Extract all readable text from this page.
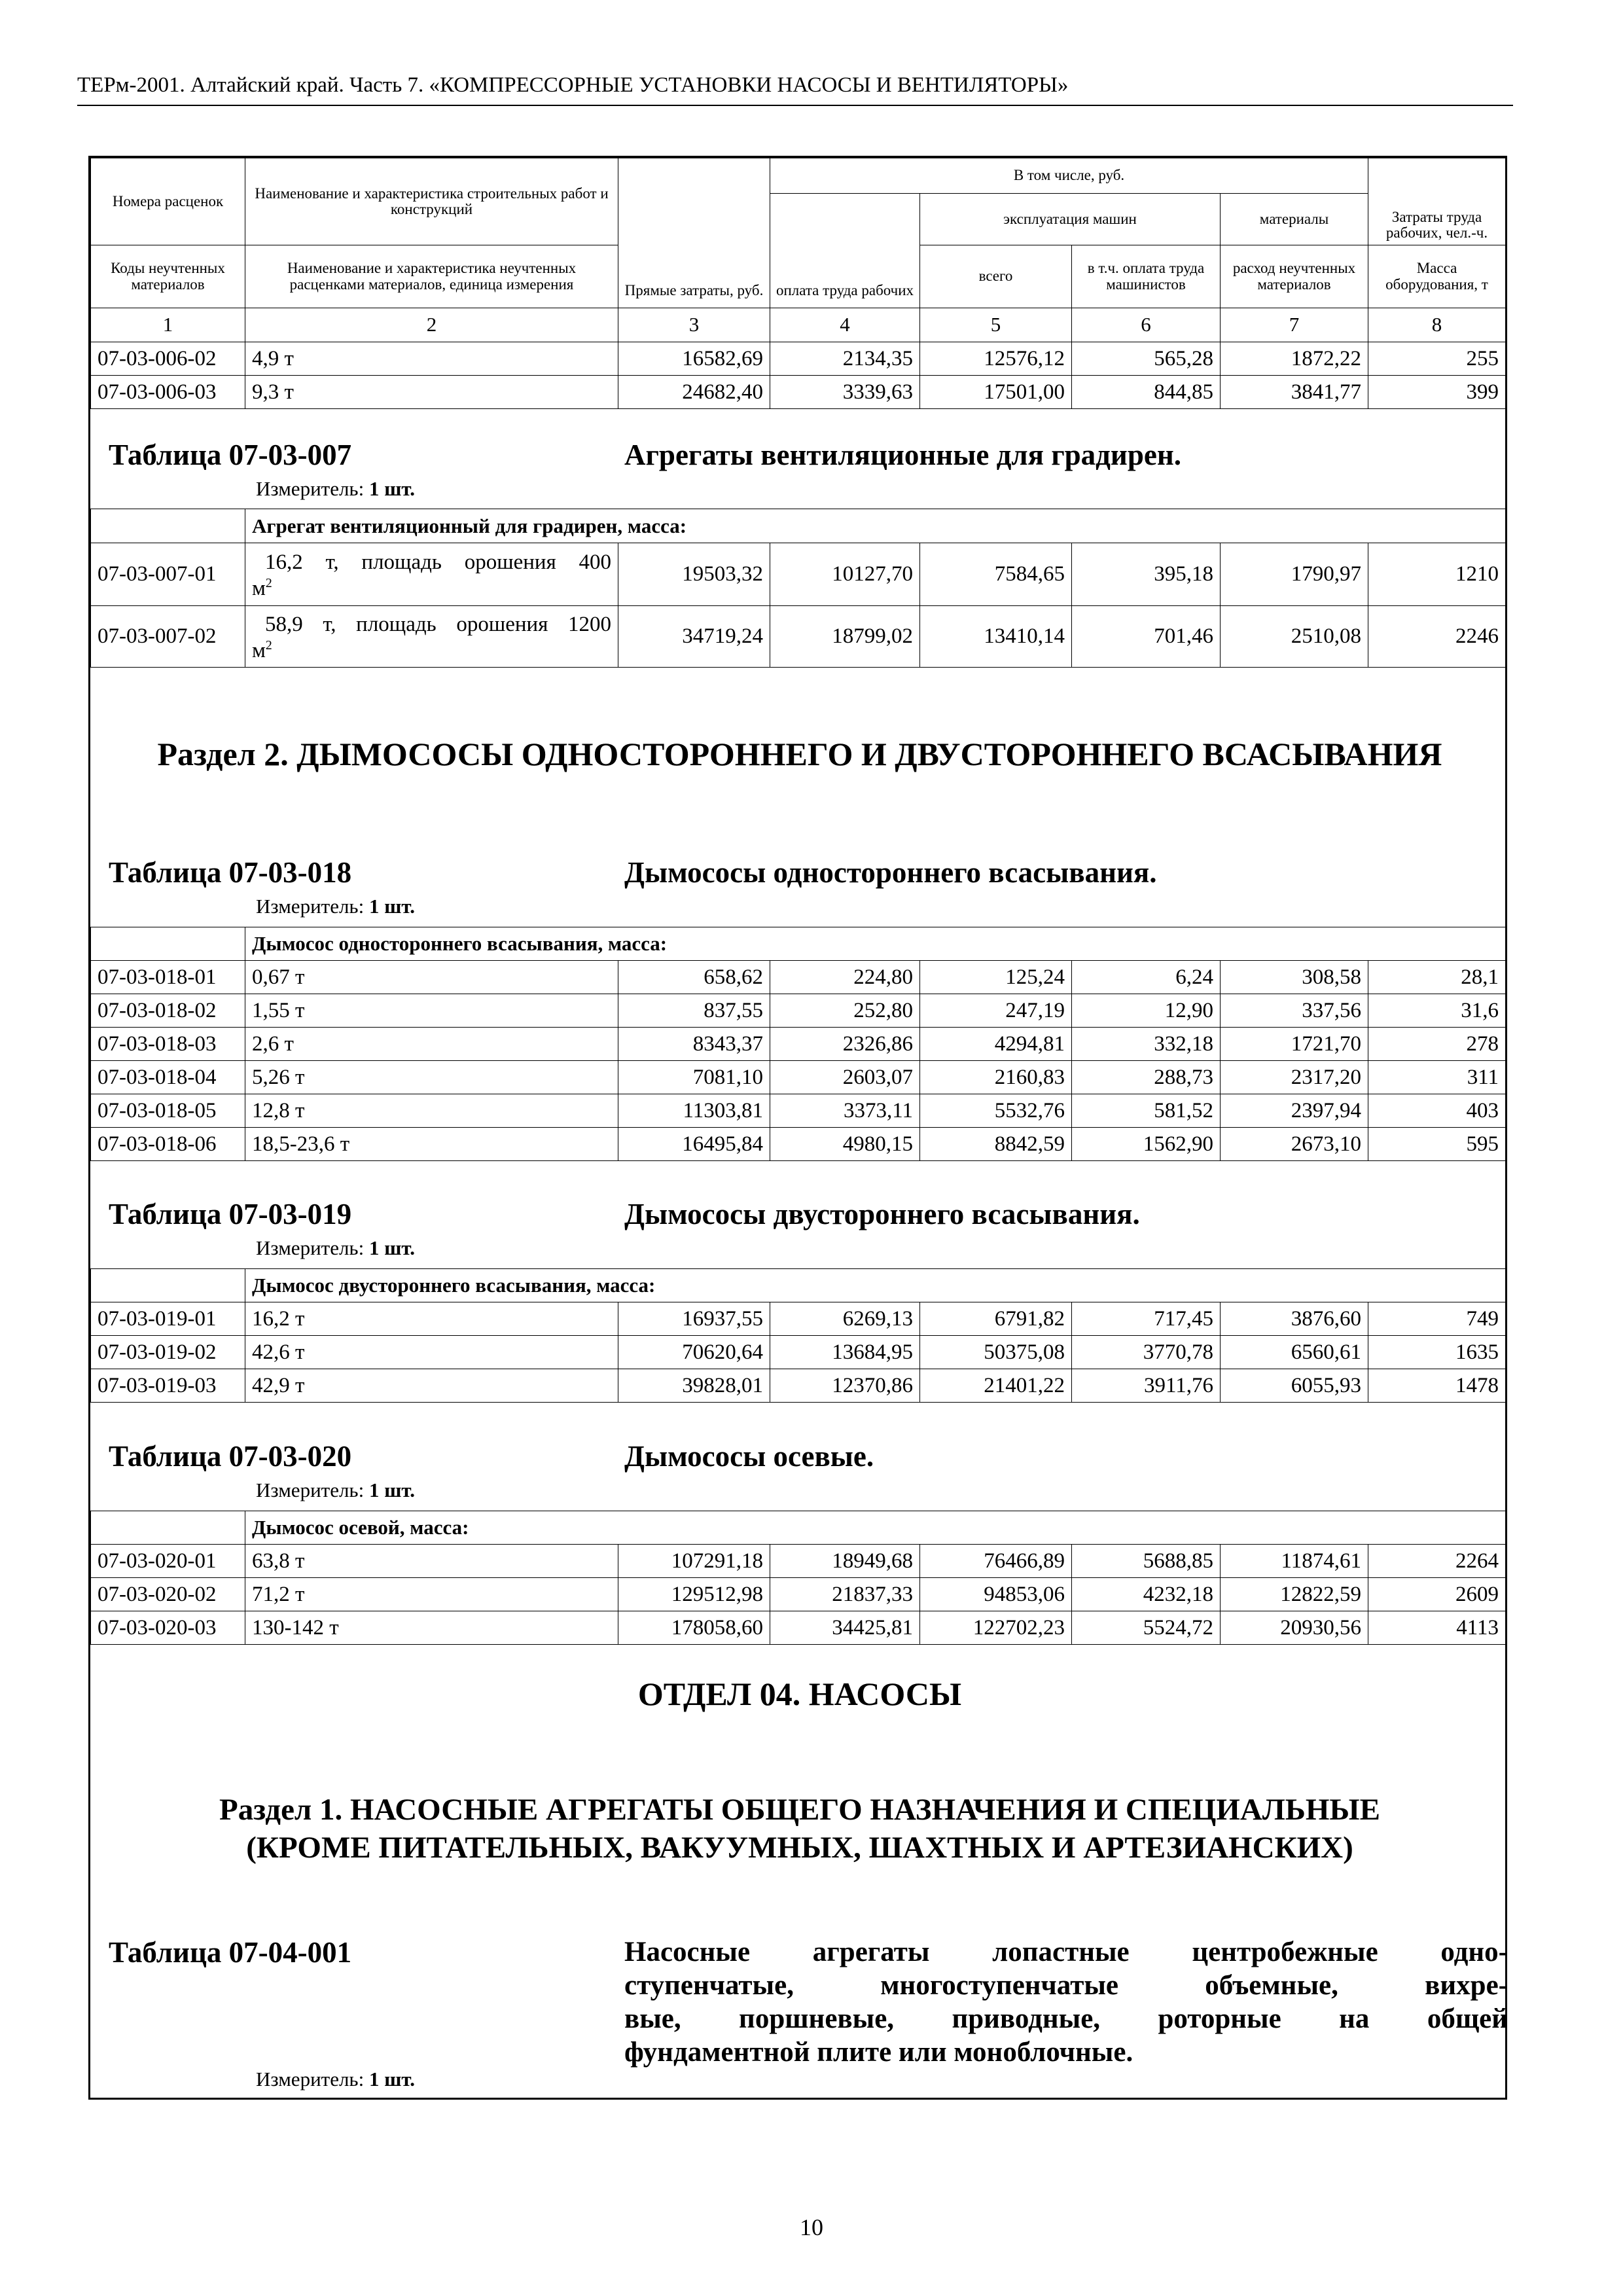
ТЕРм-2001. Алтайский край. Часть 7. «КОМПРЕССОРНЫЕ УСТАНОВКИ НАСОСЫ И ВЕНТИЛЯТОРЫ»
Номера расценок	Наименование и характеристика строительных работ и конструкций	Прямые затраты, руб.	В том числе, руб.				Затраты труда рабочих, чел.-ч.
			оплата труда рабочих	эксплуатация машин		материалы	
Коды неучтенных материалов	Наименование и характеристика неучтенных расценками материалов, единица измерения			всего	в т.ч. оплата труда машинистов	расход неучтенных материалов	Масса оборудования, т
1	2	3	4	5	6	7	8
07-03-006-02	4,9 т	16582,69	2134,35	12576,12	565,28	1872,22	255
07-03-006-03	9,3 т	24682,40	3339,63	17501,00	844,85	3841,77	399
Таблица 07-03-007	Агрегаты вентиляционные для градирен.
Измеритель: 1 шт.
	Агрегат вентиляционный для градирен, масса:						
07-03-007-01	16,2 т, площадь орошения 400
$м^2$	19503,32	10127,70	7584,65	395,18	1790,97	1210
07-03-007-02	58,9 т, площадь орошения 1200
$м^2$	34719,24	18799,02	13410,14	701,46	2510,08	2246
Раздел 2. ДЫМОСОСЫ ОДНОСТОРОННЕГО И ДВУСТОРОННЕГО ВСАСЫВАНИЯ
Таблица 07-03-018	Дымососы одностороннего всасывания.
Измеритель: 1 шт.
	Дымосос одностороннего всасывания, масса:						
07-03-018-01	0,67 т	658,62	224,80	125,24	6,24	308,58	28,1
07-03-018-02	1,55 т	837,55	252,80	247,19	12,90	337,56	31,6
07-03-018-03	2,6 т	8343,37	2326,86	4294,81	332,18	1721,70	278
07-03-018-04	5,26 т	7081,10	2603,07	2160,83	288,73	2317,20	311
07-03-018-05	12,8 т	11303,81	3373,11	5532,76	581,52	2397,94	403
07-03-018-06	18,5-23,6 т	16495,84	4980,15	8842,59	1562,90	2673,10	595
Таблица 07-03-019	Дымососы двустороннего всасывания.
Измеритель: 1 шт.
	Дымосос двустороннего всасывания, масса:						
07-03-019-01	16,2 т	16937,55	6269,13	6791,82	717,45	3876,60	749
07-03-019-02	42,6 т	70620,64	13684,95	50375,08	3770,78	6560,61	1635
07-03-019-03	42,9 т	39828,01	12370,86	21401,22	3911,76	6055,93	1478
Таблица 07-03-020	Дымососы осевые.
Измеритель: 1 шт.
	Дымосос осевой, масса:						
07-03-020-01	63,8 т	107291,18	18949,68	76466,89	5688,85	11874,61	2264
07-03-020-02	71,2 т	129512,98	21837,33	94853,06	4232,18	12822,59	2609
07-03-020-03	130-142 т	178058,60	34425,81	122702,23	5524,72	20930,56	4113
ОТДЕЛ 04. НАСОСЫ
Раздел 1. НАСОСНЫЕ АГРЕГАТЫ ОБЩЕГО НАЗНАЧЕНИЯ И СПЕЦИАЛЬНЫЕ
(КРОМЕ ПИТАТЕЛЬНЫХ, ВАКУУМНЫХ, ШАХТНЫХ И АРТЕЗИАНСКИХ)
Таблица 07-04-001	Насосные агрегаты лопастные центробежные одно-
ступенчатые, многоступенчатые объемные, вихре-
вые, поршневые, приводные, роторные на общей
фундаментной плите или моноблочные.
Измеритель: 1 шт.
10
